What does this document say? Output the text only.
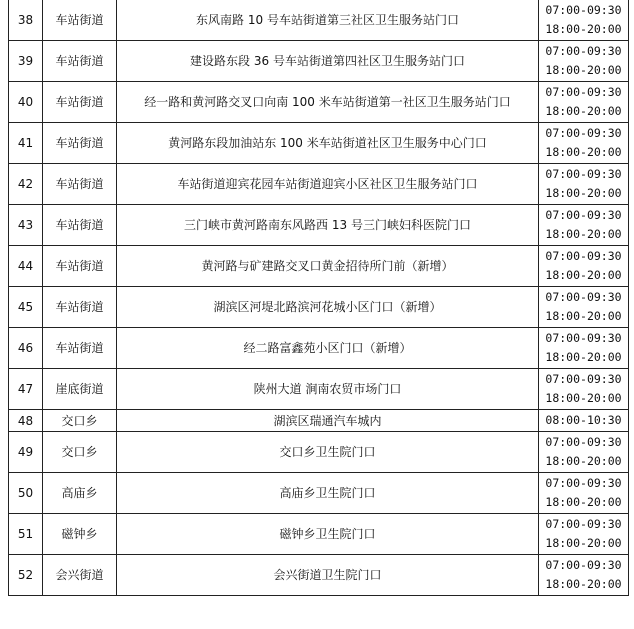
38	车站街道	东风南路 10 号车站街道第三社区卫生服务站门口	07:00-09:30
18:00-20:00

39	车站街道	建设路东段 36 号车站街道第四社区卫生服务站门口	07:00-09:30
18:00-20:00

40	车站街道	经一路和黄河路交叉口向南 100 米车站街道第一社区卫生服务站门口	07:00-09:30
18:00-20:00

41	车站街道	黄河路东段加油站东 100 米车站街道社区卫生服务中心门口	07:00-09:30
18:00-20:00

42	车站街道	车站街道迎宾花园车站街道迎宾小区社区卫生服务站门口	07:00-09:30
18:00-20:00

43	车站街道	三门峡市黄河路南东风路西 13 号三门峡妇科医院门口	07:00-09:30
18:00-20:00

44	车站街道	黄河路与矿建路交叉口黄金招待所门前（新增）	07:00-09:30
18:00-20:00

45	车站街道	湖滨区河堤北路滨河花城小区门口（新增）	07:00-09:30
18:00-20:00

46	车站街道	经二路富鑫苑小区门口（新增）	07:00-09:30
18:00-20:00

47	崖底街道	陕州大道 涧南农贸市场门口	07:00-09:30
18:00-20:00

48	交口乡	湖滨区瑞通汽车城内	08:00-10:30

49	交口乡	交口乡卫生院门口	07:00-09:30
18:00-20:00

50	高庙乡	高庙乡卫生院门口	07:00-09:30
18:00-20:00

51	磁钟乡	磁钟乡卫生院门口	07:00-09:30
18:00-20:00

52	会兴街道	会兴街道卫生院门口	07:00-09:30
18:00-20:00
